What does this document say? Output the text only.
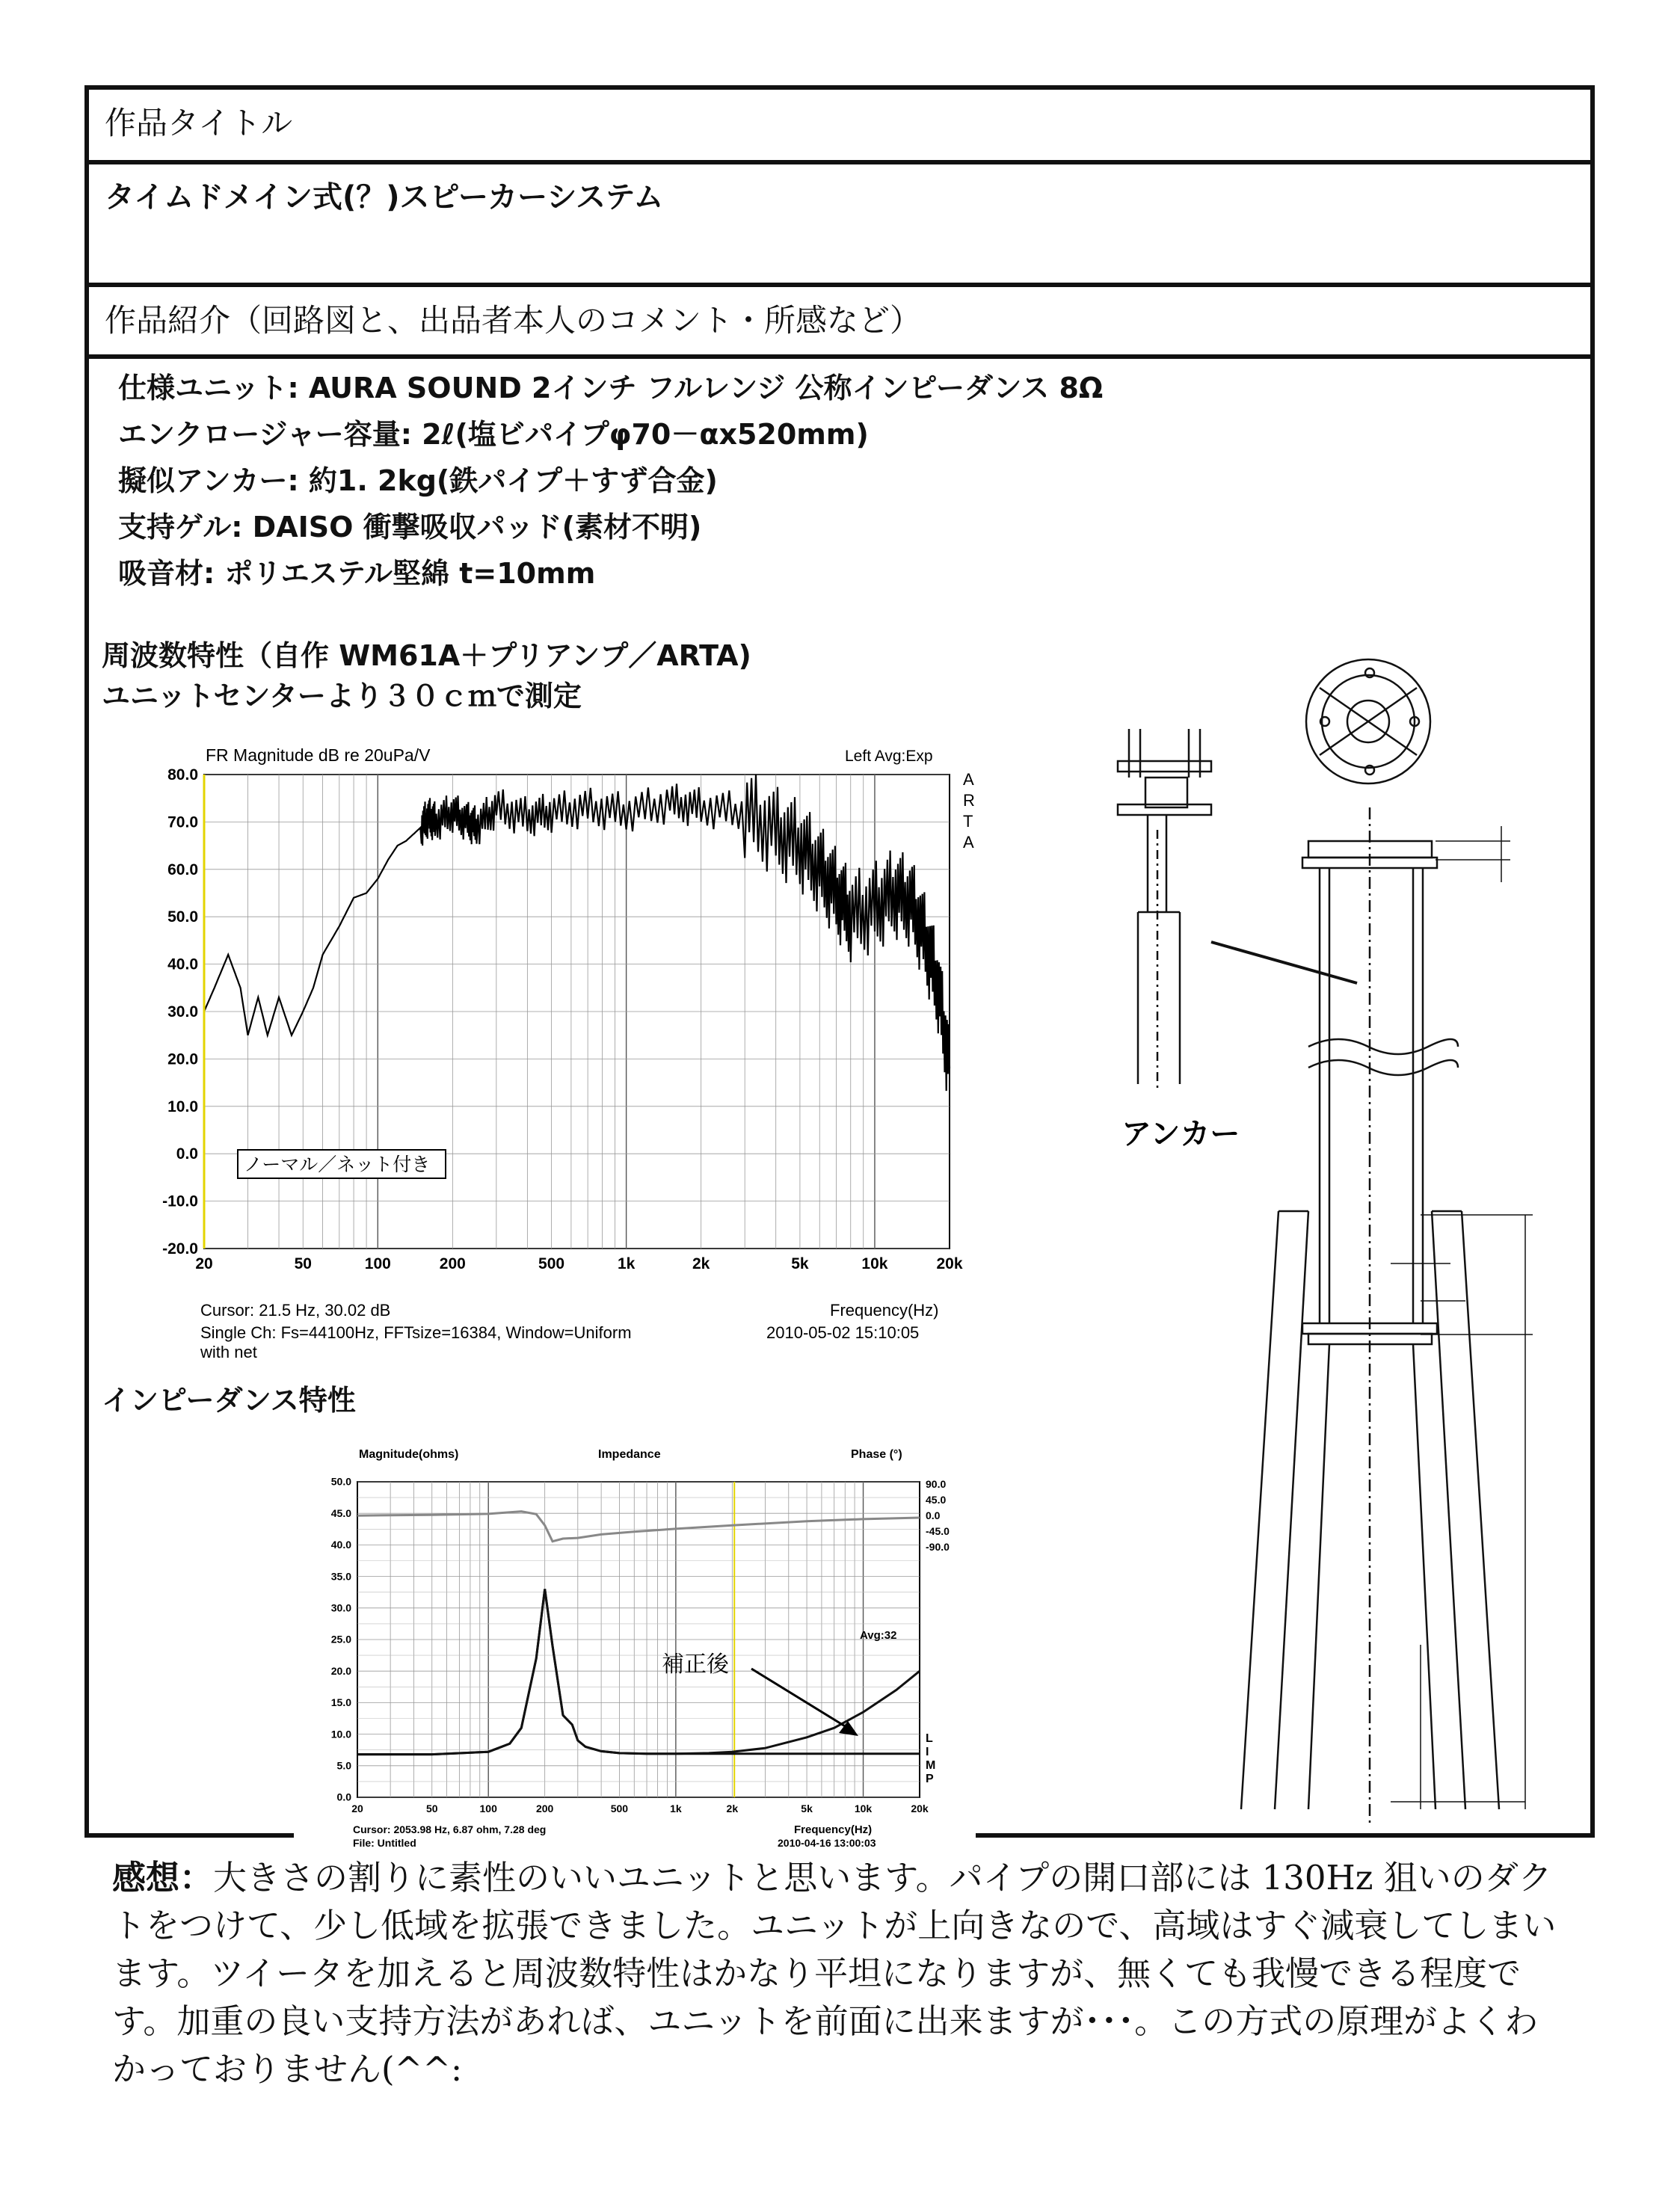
作品タイトル
タイムドメイン式(？)スピーカーシステム
作品紹介（回路図と、出品者本人のコメント・所感など）
仕様ユニット: AURA SOUND 2インチ フルレンジ 公称インピーダンス 8Ω
エンクロージャー容量: 2ℓ(塩ビパイプφ70－αx520mm)
擬似アンカー: 約1. 2kg(鉄パイプ＋すず合金)
支持ゲル: DAISO 衝撃吸収パッド(素材不明)
吸音材: ポリエステル堅綿 t=10mm
周波数特性（自作 WM61A＋プリアンプ／ARTA)
ユニットセンターより３０ｃｍで測定
インピーダンス特性
FR Magnitude dB re 20uPa/V	Left Avg:Exp
80.0
70.0
60.0
50.0
40.0
30.0
20.0
10.0
0.0
-10.0
-20.0
20	50	100	200	500	1k	2k	5k	10k	20k
A
R
T
A
ノーマル／ネット付き
Frequency(Hz)
Cursor: 21.5 Hz, 30.02 dB
Single Ch: Fs=44100Hz, FFTsize=16384, Window=Uniform
with net
2010-05-02 15:10:05
Magnitude(ohms)	Impedance	Phase (°)
50.0
45.0
40.0
35.0
30.0
25.0
20.0
15.0
10.0
5.0
0.0
90.0
45.0
0.0
-45.0
-90.0
20	50	100	200	500	1k	2k	5k	10k	20k
Avg:32
L
I
M
P
補正後
Frequency(Hz)
Cursor: 2053.98 Hz, 6.87 ohm, 7.28 deg
File: Untitled	2010-04-16 13:00:03
アンカー
感想：大きさの割りに素性のいいユニットと思います。パイプの開口部には 130Hz 狙いのダクトをつけて、少し低域を拡張できました。ユニットが上向きなので、高域はすぐ減衰してしまいます。ツイータを加えると周波数特性はかなり平坦になりますが、無くても我慢できる程度です。加重の良い支持方法があれば、ユニットを前面に出来ますが･･･。この方式の原理がよくわかっておりません(^^:
